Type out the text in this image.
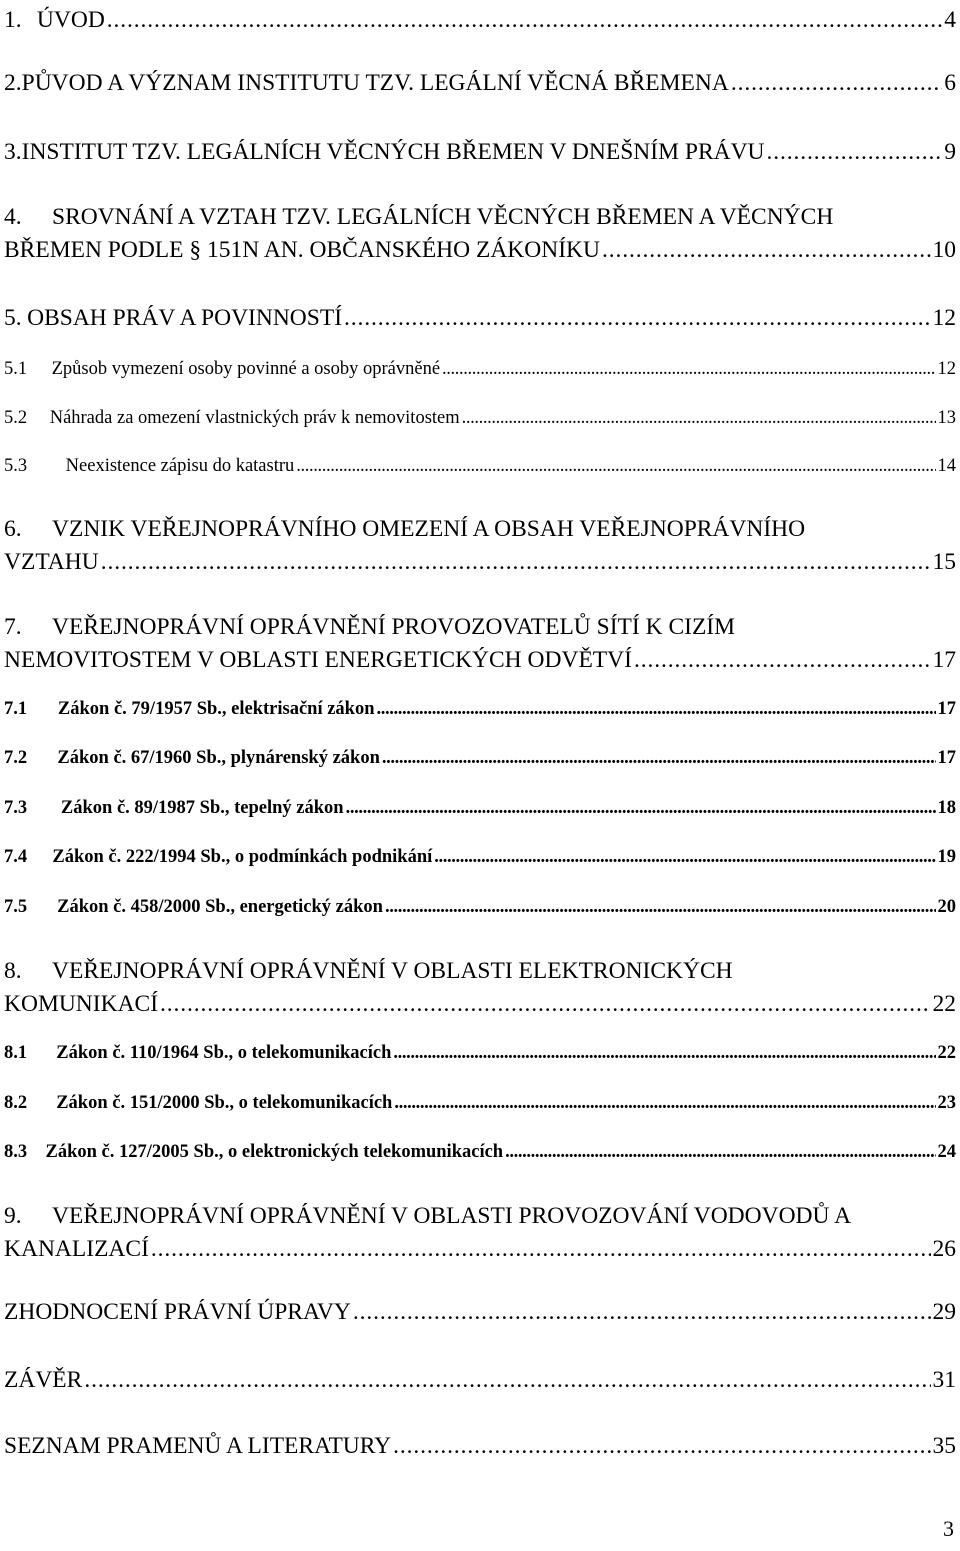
1. ÚVOD . . .	4
2. PŮVOD A VÝZNAM INSTITUTU TZV. LEGÁLNÍ VĚCNÁ BŘEMENA . . .	6
3. INSTITUT TZV. LEGÁLNÍCH VĚCNÝCH BŘEMEN V DNEŠNÍM PRÁVU . . .	9
4.	SROVNÁNÍ A VZTAH TZV. LEGÁLNÍCH VĚCNÝCH BŘEMEN A VĚCNÝCH
BŘEMEN PODLE § 151N AN. OBČANSKÉHO ZÁKONÍKU . . .	10
5. OBSAH PRÁV A POVINNOSTÍ . . .	12
5.1	Způsob vymezení osoby povinné a osoby oprávněné . . .	12
5.2	Náhrada za omezení vlastnických práv k nemovitostem . . .	13
5.3	Neexistence zápisu do katastru . . .	14
6.	VZNIK VEŘEJNOPRÁVNÍHO OMEZENÍ A OBSAH VEŘEJNOPRÁVNÍHO
VZTAHU . . .	15
7.	VEŘEJNOPRÁVNÍ OPRÁVNĚNÍ PROVOZOVATELŮ SÍTÍ K CIZÍM
NEMOVITOSTEM V OBLASTI ENERGETICKÝCH ODVĚTVÍ . . .	17
7.1	Zákon č. 79/1957 Sb., elektrisační zákon . . .	17
7.2	Zákon č. 67/1960 Sb., plynárenský zákon . . .	17
7.3	Zákon č. 89/1987 Sb., tepelný zákon . . .	18
7.4	Zákon č. 222/1994 Sb., o podmínkách podnikání . . .	19
7.5	Zákon č. 458/2000 Sb., energetický zákon . . .	20
8.	VEŘEJNOPRÁVNÍ OPRÁVNĚNÍ V OBLASTI ELEKTRONICKÝCH
KOMUNIKACÍ . . .	22
8.1	Zákon č. 110/1964 Sb., o telekomunikacích . . .	22
8.2	Zákon č. 151/2000 Sb., o telekomunikacích . . .	23
8.3 Zákon č. 127/2005 Sb., o elektronických telekomunikacích . . .	24
9.	VEŘEJNOPRÁVNÍ OPRÁVNĚNÍ V OBLASTI PROVOZOVÁNÍ VODOVODŮ A
KANALIZACÍ . . .	26
ZHODNOCENÍ PRÁVNÍ ÚPRAVY . . .	29
ZÁVĚR . . .	31
SEZNAM PRAMENŮ A LITERATURY . . .	35
3
